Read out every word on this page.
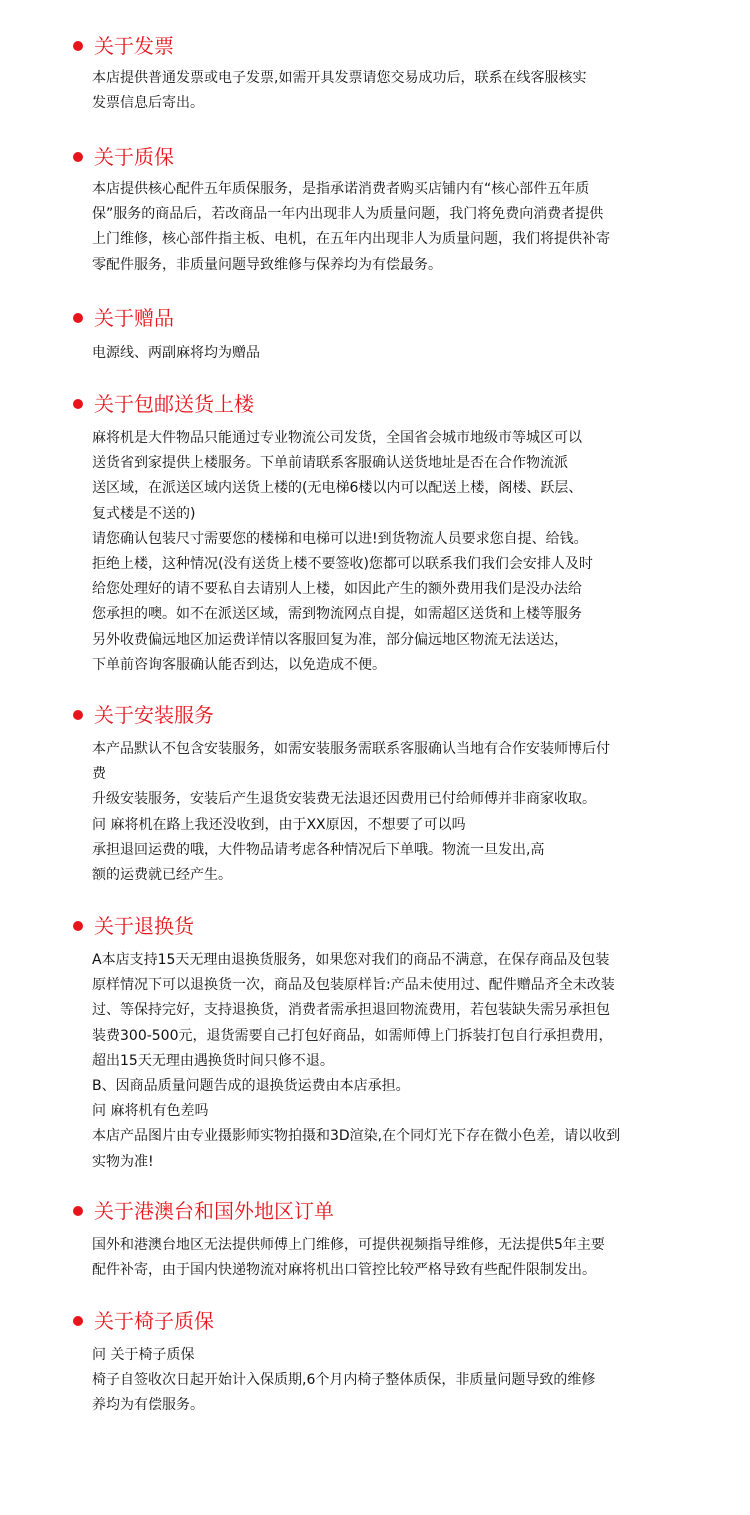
关于发票
本店提供普通发票或电子发票,如需开具发票请您交易成功后，联系在线客服核实
发票信息后寄出。
关于质保
本店提供核心配件五年质保服务，是指承诺消费者购买店铺内有“核心部件五年质
保”服务的商品后，若改商品一年内出现非人为质量问题，我门将免费向消费者提供
上门维修，核心部件指主板、电机，在五年内出现非人为质量问题，我们将提供补寄
零配件服务，非质量问题导致维修与保养均为有偿最务。
关于赠品
电源线、两副麻将均为赠品
关于包邮送货上楼
麻将机是大件物品只能通过专业物流公司发货，全国省会城市地级市等城区可以
送货省到家提供上楼服务。下单前请联系客服确认送货地址是否在合作物流派
送区域，在派送区域内送货上楼的(无电梯6楼以内可以配送上楼，阁楼、跃层、
复式楼是不送的)
请您确认包装尺寸需要您的楼梯和电梯可以进!到货物流人员要求您自提、给钱。
拒绝上楼，这种情况(没有送货上楼不要签收)您都可以联系我们我们会安排人及时
给您处理好的请不要私自去请别人上楼，如因此产生的额外费用我们是没办法给
您承担的噢。如不在派送区域，需到物流网点自提，如需超区送货和上楼等服务
另外收费偏远地区加运费详情以客服回复为准，部分偏远地区物流无法送达，
下单前咨询客服确认能否到达，以免造成不便。
关于安装服务
本产品默认不包含安装服务，如需安装服务需联系客服确认当地有合作安装师博后付
费
升级安装服务，安装后产生退货安装费无法退还因费用已付给师傅并非商家收取。
问 麻将机在路上我还没收到，由于XX原因，不想要了可以吗
承担退回运费的哦，大件物品请考虑各种情况后下单哦。物流一旦发出,高
额的运费就已经产生。
关于退换货
A本店支持15天无理由退换货服务，如果您对我们的商品不满意，在保存商品及包装
原样情况下可以退换货一次，商品及包装原样旨:产品未使用过、配件赠品齐全未改装
过、等保持完好，支持退换货，消费者需承担退回物流费用，若包装缺失需另承担包
装费300-500元，退货需要自己打包好商品，如需师傅上门拆装打包自行承担费用，
超出15天无理由遇换货时间只修不退。
B、因商品质量问题告成的退换货运费由本店承担。
问 麻将机有色差吗
本店产品图片由专业摄影师实物拍摄和3D渲染,在个同灯光下存在微小色差，请以收到
实物为准!
关于港澳台和国外地区订单
国外和港澳台地区无法提供师傅上门维修，可提供视频指导维修，无法提供5年主要
配件补寄，由于国内快递物流对麻将机出口管控比较严格导致有些配件限制发出。
关于椅子质保
问 关于椅子质保
椅子自签收次日起开始计入保质期,6个月内椅子整体质保，非质量问题导致的维修
养均为有偿服务。
